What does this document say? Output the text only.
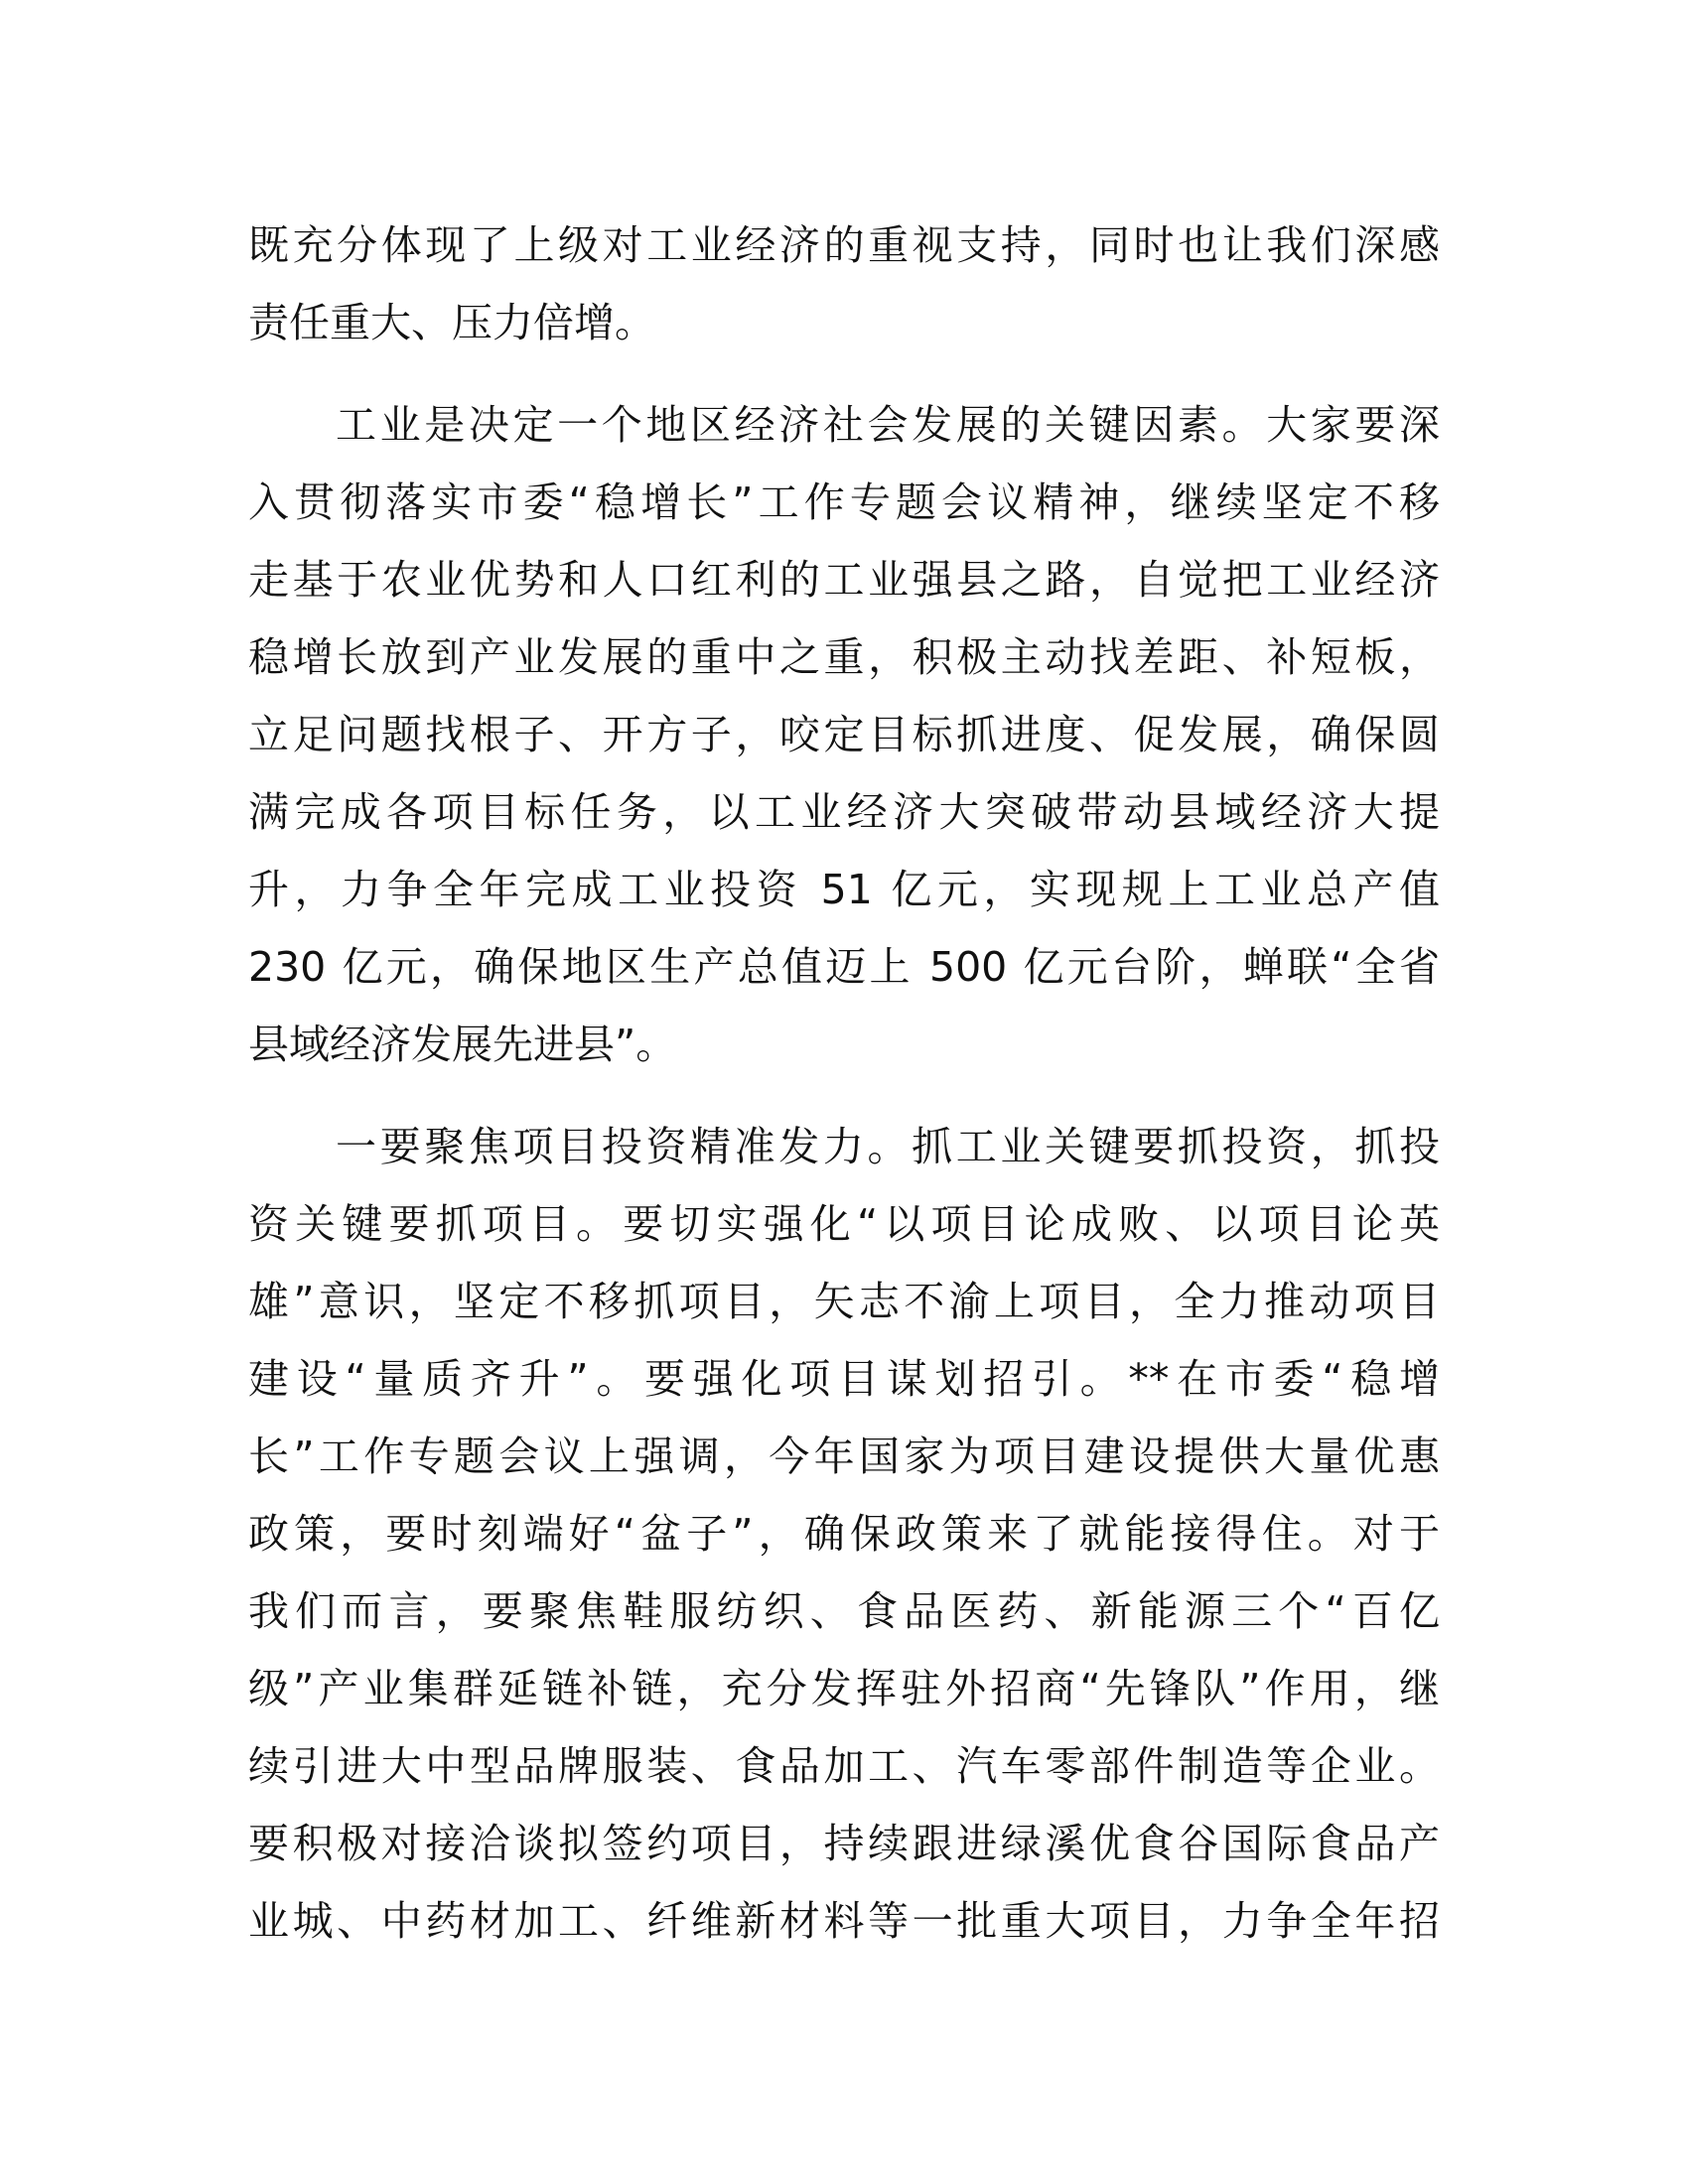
既充分体现了上级对工业经济的重视支持，同时也让我们深感
责任重大、压力倍增。
工业是决定一个地区经济社会发展的关键因素。大家要深
入贯彻落实市委“稳增长”工作专题会议精神，继续坚定不移
走基于农业优势和人口红利的工业强县之路，自觉把工业经济
稳增长放到产业发展的重中之重，积极主动找差距、补短板，
立足问题找根子、开方子，咬定目标抓进度、促发展，确保圆
满完成各项目标任务，以工业经济大突破带动县域经济大提
升，力争全年完成工业投资 51 亿元，实现规上工业总产值
230 亿元，确保地区生产总值迈上 500 亿元台阶，蝉联“全省
县域经济发展先进县”。
一要聚焦项目投资精准发力。抓工业关键要抓投资，抓投
资关键要抓项目。要切实强化“以项目论成败、以项目论英
雄”意识，坚定不移抓项目，矢志不渝上项目，全力推动项目
建设“量质齐升”。要强化项目谋划招引。**在市委“稳增
长”工作专题会议上强调，今年国家为项目建设提供大量优惠
政策，要时刻端好“盆子”，确保政策来了就能接得住。对于
我们而言，要聚焦鞋服纺织、食品医药、新能源三个“百亿
级”产业集群延链补链，充分发挥驻外招商“先锋队”作用，继
续引进大中型品牌服装、食品加工、汽车零部件制造等企业。
要积极对接洽谈拟签约项目，持续跟进绿溪优食谷国际食品产
业城、中药材加工、纤维新材料等一批重大项目，力争全年招
